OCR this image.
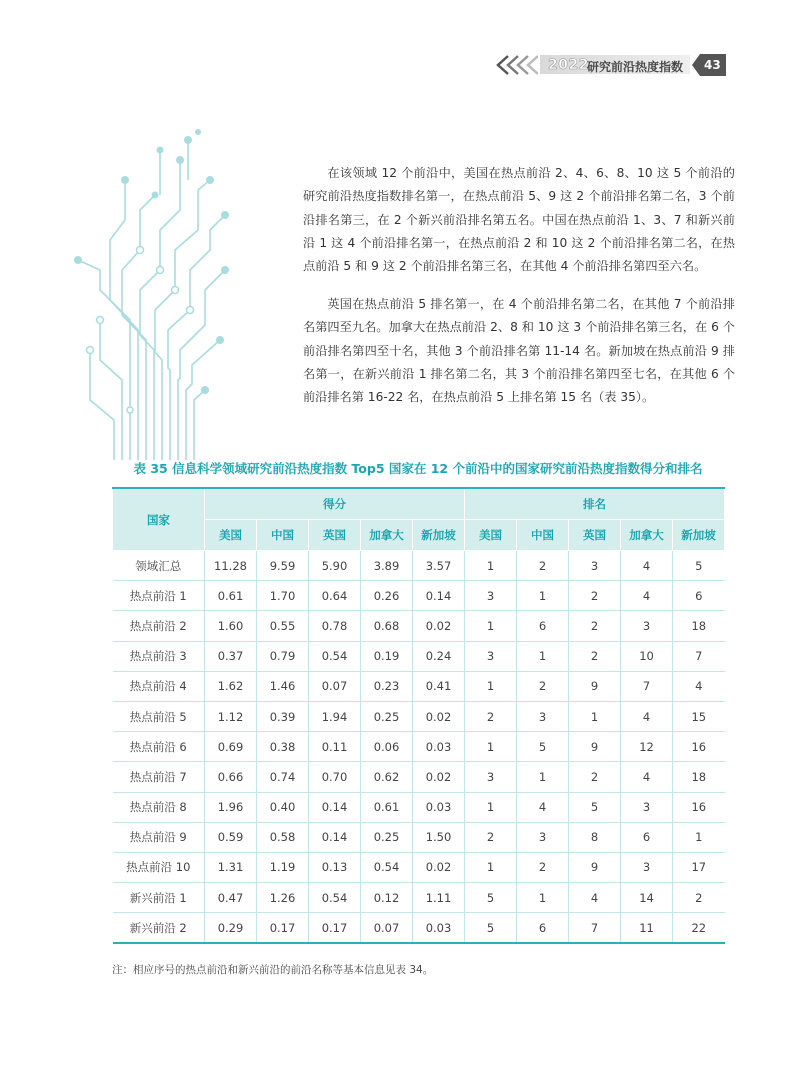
2022
研究前沿热度指数 43
在该领域 12 个前沿中，美国在热点前沿 2、4、6、8、10 这 5 个前沿的研究前沿热度指数排名第一，在热点前沿 5、9 这 2 个前沿排名第二名，3 个前沿排名第三，在 2 个新兴前沿排名第五名。中国在热点前沿 1、3、7 和新兴前沿 1 这 4 个前沿排名第一，在热点前沿 2 和 10 这 2 个前沿排名第二名，在热点前沿 5 和 9 这 2 个前沿排名第三名，在其他 4 个前沿排名第四至六名。
英国在热点前沿 5 排名第一，在 4 个前沿排名第二名，在其他 7 个前沿排名第四至九名。加拿大在热点前沿 2、8 和 10 这 3 个前沿排名第三名，在 6 个前沿排名第四至十名，其他 3 个前沿排名第 11-14 名。新加坡在热点前沿 9 排名第一，在新兴前沿 1 排名第二名，其 3 个前沿排名第四至七名，在其他 6 个前沿排名第 16-22 名，在热点前沿 5 上排名第 15 名（表 35）。
表 35 信息科学领域研究前沿热度指数 Top5 国家在 12 个前沿中的国家研究前沿热度指数得分和排名
国家	得分					排名				
	美国	中国	英国	加拿大	新加坡	美国	中国	英国	加拿大	新加坡
领域汇总	11.28	9.59	5.90	3.89	3.57	1	2	3	4	5
热点前沿 1	0.61	1.70	0.64	0.26	0.14	3	1	2	4	6
热点前沿 2	1.60	0.55	0.78	0.68	0.02	1	6	2	3	18
热点前沿 3	0.37	0.79	0.54	0.19	0.24	3	1	2	10	7
热点前沿 4	1.62	1.46	0.07	0.23	0.41	1	2	9	7	4
热点前沿 5	1.12	0.39	1.94	0.25	0.02	2	3	1	4	15
热点前沿 6	0.69	0.38	0.11	0.06	0.03	1	5	9	12	16
热点前沿 7	0.66	0.74	0.70	0.62	0.02	3	1	2	4	18
热点前沿 8	1.96	0.40	0.14	0.61	0.03	1	4	5	3	16
热点前沿 9	0.59	0.58	0.14	0.25	1.50	2	3	8	6	1
热点前沿 10	1.31	1.19	0.13	0.54	0.02	1	2	9	3	17
新兴前沿 1	0.47	1.26	0.54	0.12	1.11	5	1	4	14	2
新兴前沿 2	0.29	0.17	0.17	0.07	0.03	5	6	7	11	22
注：相应序号的热点前沿和新兴前沿的前沿名称等基本信息见表 34。
